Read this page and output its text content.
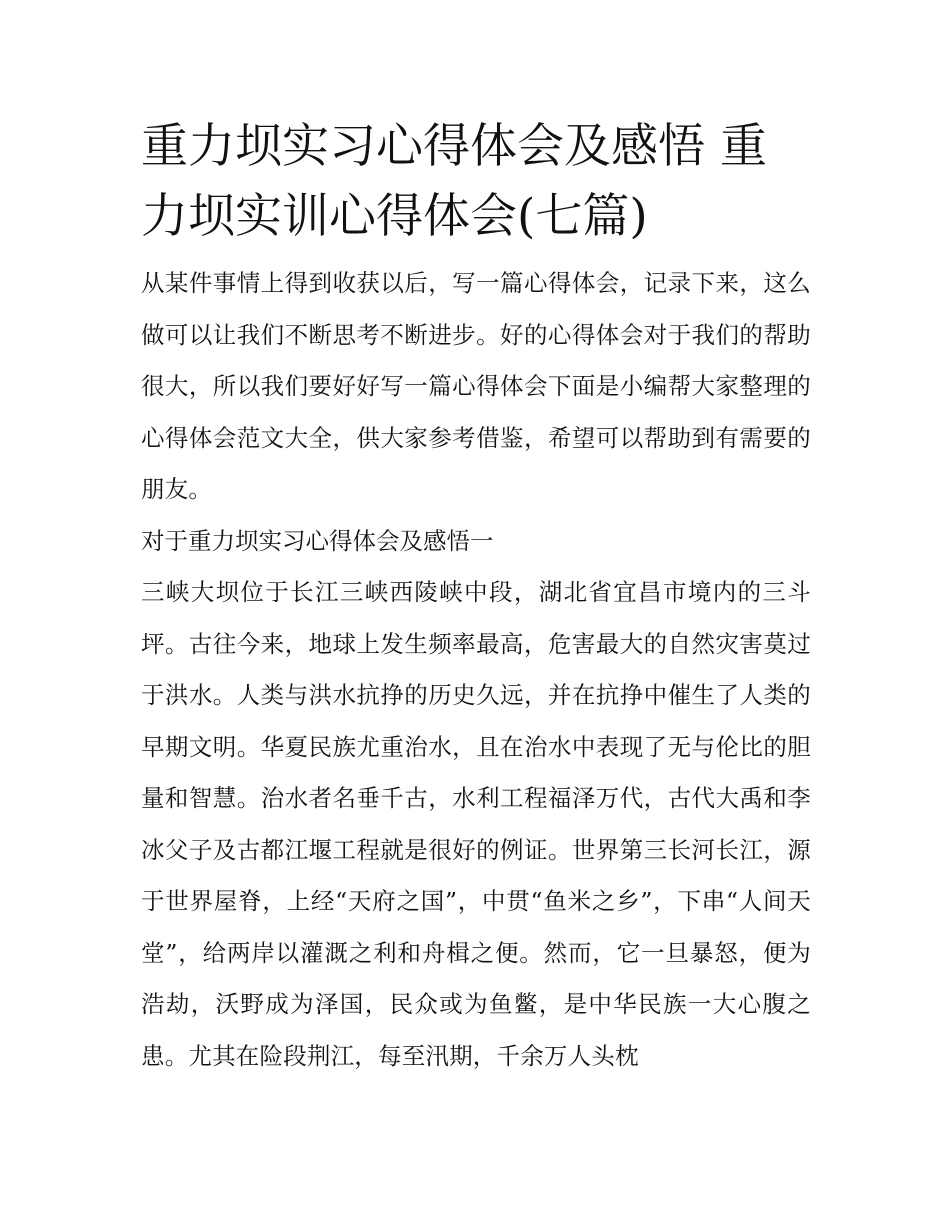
重力坝实习心得体会及感悟 重力坝实训心得体会(七篇)

从某件事情上得到收获以后，写一篇心得体会，记录下来，这么做可以让我们不断思考不断进步。好的心得体会对于我们的帮助很大，所以我们要好好写一篇心得体会下面是小编帮大家整理的心得体会范文大全，供大家参考借鉴，希望可以帮助到有需要的朋友。

对于重力坝实习心得体会及感悟一

三峡大坝位于长江三峡西陵峡中段，湖北省宜昌市境内的三斗坪。古往今来，地球上发生频率最高，危害最大的自然灾害莫过于洪水。人类与洪水抗挣的历史久远，并在抗挣中催生了人类的早期文明。华夏民族尤重治水，且在治水中表现了无与伦比的胆量和智慧。治水者名垂千古，水利工程福泽万代，古代大禹和李冰父子及古都江堰工程就是很好的例证。世界第三长河长江，源于世界屋脊，上经“天府之国”，中贯“鱼米之乡”，下串“人间天堂”，给两岸以灌溉之利和舟楫之便。然而，它一旦暴怒，便为浩劫，沃野成为泽国，民众或为鱼鳖，是中华民族一大心腹之患。尤其在险段荆江，每至汛期，千余万人头枕
